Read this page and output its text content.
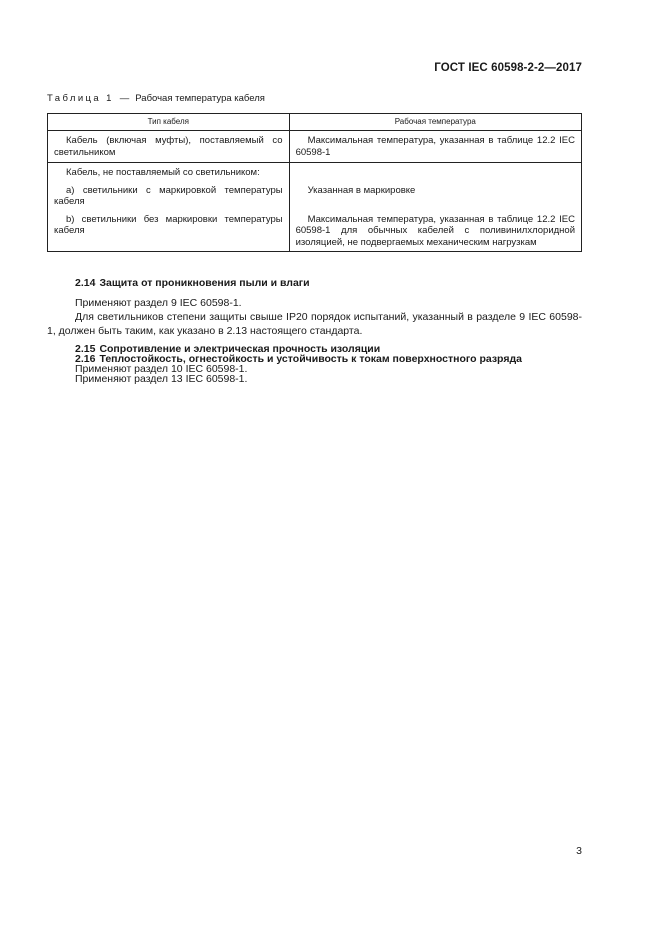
ГОСТ IEC 60598-2-2—2017
Таблица 1 — Рабочая температура кабеля
Тип кабеля	Рабочая температура
Кабель (включая муфты), поставляемый со светильником	Максимальная температура, указанная в таблице 12.2 IEC 60598-1
Кабель, не поставляемый со светильником:	

a) светильники с маркировкой температуры кабеля	Указанная в маркировке

b) светильники без маркировки температуры кабеля	Максимальная температура, указанная в таблице 12.2 IEC 60598-1 для обычных кабелей с поливинилхлоридной изоляцией, не подвергаемых механическим нагрузкам
2.14 Защита от проникновения пыли и влаги
Применяют раздел 9 IEC 60598-1.
Для светильников степени защиты свыше IP20 порядок испытаний, указанный в разделе 9 IEC 60598-1, должен быть таким, как указано в 2.13 настоящего стандарта.
2.15 Сопротивление и электрическая прочность изоляции
Применяют раздел 10 IEC 60598-1.
2.16 Теплостойкость, огнестойкость и устойчивость к токам поверхностного разряда
Применяют раздел 13 IEC 60598-1.
3
